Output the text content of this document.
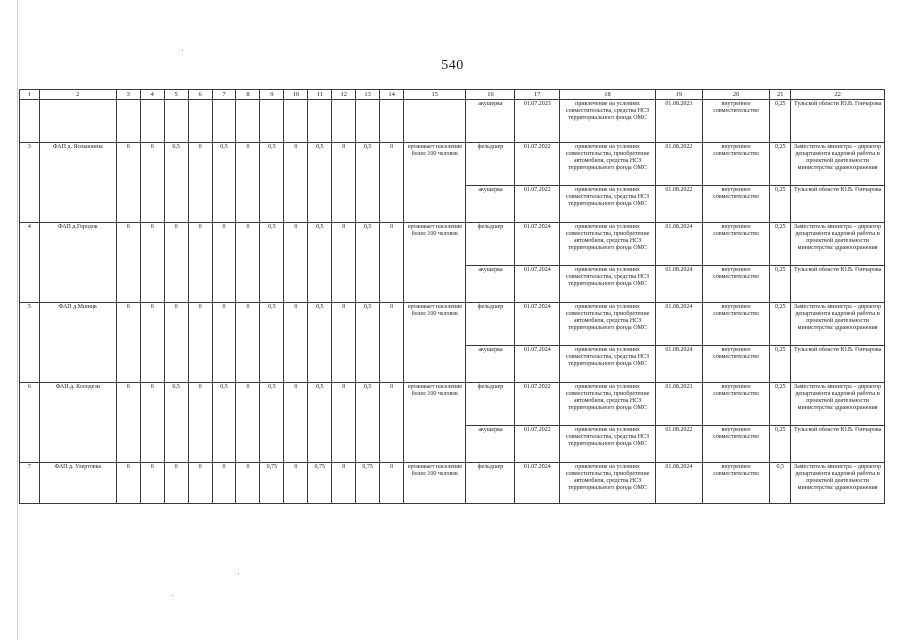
540
1	2	3	4	5	6	7	8	9	10	11	12	13	14	15	16	17	18	19	20	21	22
															акушерка	01.07.2023	привлечение на условиях совместительства, средства НСЗ территориального фонда ОМС	01.08.2023	внутреннее совместительство	0,25	Тульской области Ю.В. Гончарова
3	ФАП д. Ясныкинна	0	0	0,5	0	0,5	0	0,5	0	0,5	0	0,5	0	проживает население более 100 человек	фельдшер	01.07.2022	привлечение на условиях совместительства, приобретение автомобиля, средства НСЗ территориального фонда ОМС	01.08.2022	внутреннее совместительство	0,25	Заместитель министра – директор департамента кадровой работы и проектной деятельности министерства здравоохранения
															акушерка	01.07.2022	привлечение на условиях совместительства, средства НСЗ территориального фонда ОМС	01.08.2022	внутреннее совместительство	0,25	Тульской области Ю.В. Гончарова
4	ФАП д.Городок	0	0	0	0	0	0	0,5	0	0,5	0	0,5	0	проживает население более 100 человек	фельдшер	01.07.2024	привлечение на условиях совместительства, приобретение автомобиля, средства НСЗ территориального фонда ОМС	01.08.2024	внутреннее совместительство	0,25	Заместитель министра – директор департамента кадровой работы и проектной деятельности министерства здравоохранения
															акушерка	01.07.2024	привлечение на условиях совместительства, средства НСЗ территориального фонда ОМС	01.08.2024	внутреннее совместительство	0,25	Тульской области Ю.В. Гончарова
5	ФАП д.Мшицк	0	0	0	0	0	0	0,5	0	0,5	0	0,5	0	проживает население более 100 человек	фельдшер	01.07.2024	привлечение на условиях совместительства, приобретение автомобиля, средства НСЗ территориального фонда ОМС	01.08.2024	внутреннее совместительство	0,25	Заместитель министра – директор департамента кадровой работы и проектной деятельности министерства здравоохранения
															акушерка	01.07.2024	привлечение на условиях совместительства, средства НСЗ территориального фонда ОМС	01.08.2024	внутреннее совместительство	0,25	Тульской области Ю.В. Гончарова
6	ФАП.д. Колодези	0	0	0,5	0	0,5	0	0,5	0	0,5	0	0,5	0	проживает население более 100 человек	фельдшер	01.07.2022	привлечение на условиях совместительства, приобретение автомобиля, средства НСЗ территориального фонда ОМС	01.08.2023	внутреннее совместительство	0,25	Заместитель министра – директор департамента кадровой работы и проектной деятельности министерства здравоохранения
															акушерка	01.07.2022	привлечение на условиях совместительства, средства НСЗ территориального фонда ОМС	01.08.2022	внутреннее совместительство	0,25	Тульской области Ю.В. Гончарова
7	ФАП д. Улертовка	0	0	0	0	0	0	0,75	0	0,75	0	0,75	0	проживает население более 100 человек	фельдшер	01.07.2024	привлечение на условиях совместительства, приобретение автомобиля, средства НСЗ территориального фонда ОМС	01.08.2024	внутреннее совместительство	0,5	Заместитель министра – директор департамента кадровой работы и проектной деятельности министерства здравоохранения
